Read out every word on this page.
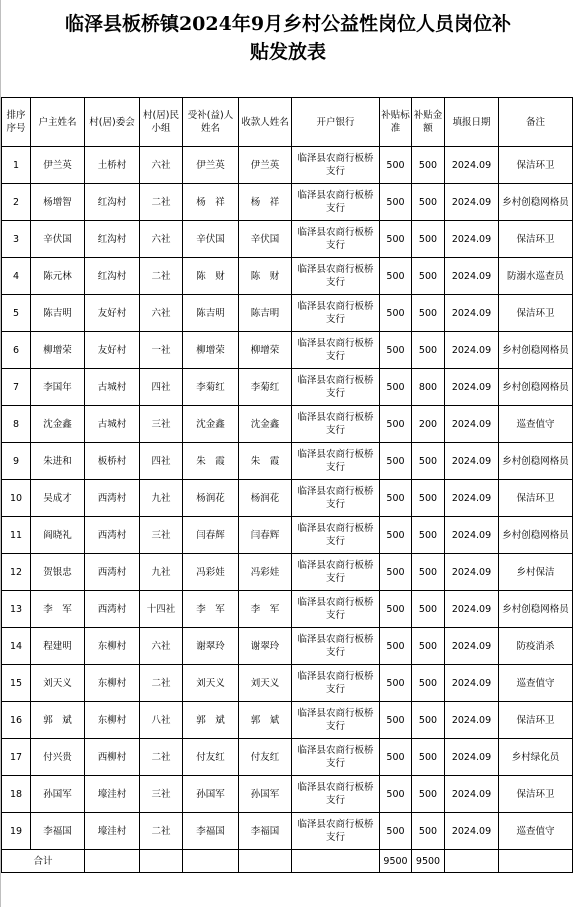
临泽县板桥镇2024年9月乡村公益性岗位人员岗位补
贴发放表
排序序号	户主姓名	村(居)委会	村(居)民小组	受补(益)人姓名	收款人姓名	开户银行	补贴标准	补贴金额	填报日期	备注
1	伊兰英	土桥村	六社	伊兰英	伊兰英	临泽县农商行板桥支行	500	500	2024.09	保洁环卫
2	杨增智	红沟村	二社	杨　祥	杨　祥	临泽县农商行板桥支行	500	500	2024.09	乡村创稳网格员
3	辛伏国	红沟村	六社	辛伏国	辛伏国	临泽县农商行板桥支行	500	500	2024.09	保洁环卫
4	陈元林	红沟村	二社	陈　财	陈　财	临泽县农商行板桥支行	500	500	2024.09	防溺水巡查员
5	陈吉明	友好村	六社	陈吉明	陈吉明	临泽县农商行板桥支行	500	500	2024.09	保洁环卫
6	柳增荣	友好村	一社	柳增荣	柳增荣	临泽县农商行板桥支行	500	500	2024.09	乡村创稳网格员
7	李国年	古城村	四社	李菊红	李菊红	临泽县农商行板桥支行	500	800	2024.09	乡村创稳网格员
8	沈金鑫	古城村	三社	沈金鑫	沈金鑫	临泽县农商行板桥支行	500	200	2024.09	巡查值守
9	朱进和	板桥村	四社	朱　霞	朱　霞	临泽县农商行板桥支行	500	500	2024.09	乡村创稳网格员
10	吴成才	西湾村	九社	杨润花	杨润花	临泽县农商行板桥支行	500	500	2024.09	保洁环卫
11	阎晓礼	西湾村	三社	闫春辉	闫春辉	临泽县农商行板桥支行	500	500	2024.09	乡村创稳网格员
12	贺银忠	西湾村	九社	冯彩娃	冯彩娃	临泽县农商行板桥支行	500	500	2024.09	乡村保洁
13	李　军	西湾村	十四社	李　军	李　军	临泽县农商行板桥支行	500	500	2024.09	乡村创稳网格员
14	程建明	东柳村	六社	谢翠玲	谢翠玲	临泽县农商行板桥支行	500	500	2024.09	防疫消杀
15	刘天义	东柳村	二社	刘天义	刘天义	临泽县农商行板桥支行	500	500	2024.09	巡查值守
16	郭　斌	东柳村	八社	郭　斌	郭　斌	临泽县农商行板桥支行	500	500	2024.09	保洁环卫
17	付兴贵	西柳村	二社	付友红	付友红	临泽县农商行板桥支行	500	500	2024.09	乡村绿化员
18	孙国军	壕洼村	三社	孙国军	孙国军	临泽县农商行板桥支行	500	500	2024.09	保洁环卫
19	李福国	壕洼村	二社	李福国	李福国	临泽县农商行板桥支行	500	500	2024.09	巡查值守
合计							9500	9500		
